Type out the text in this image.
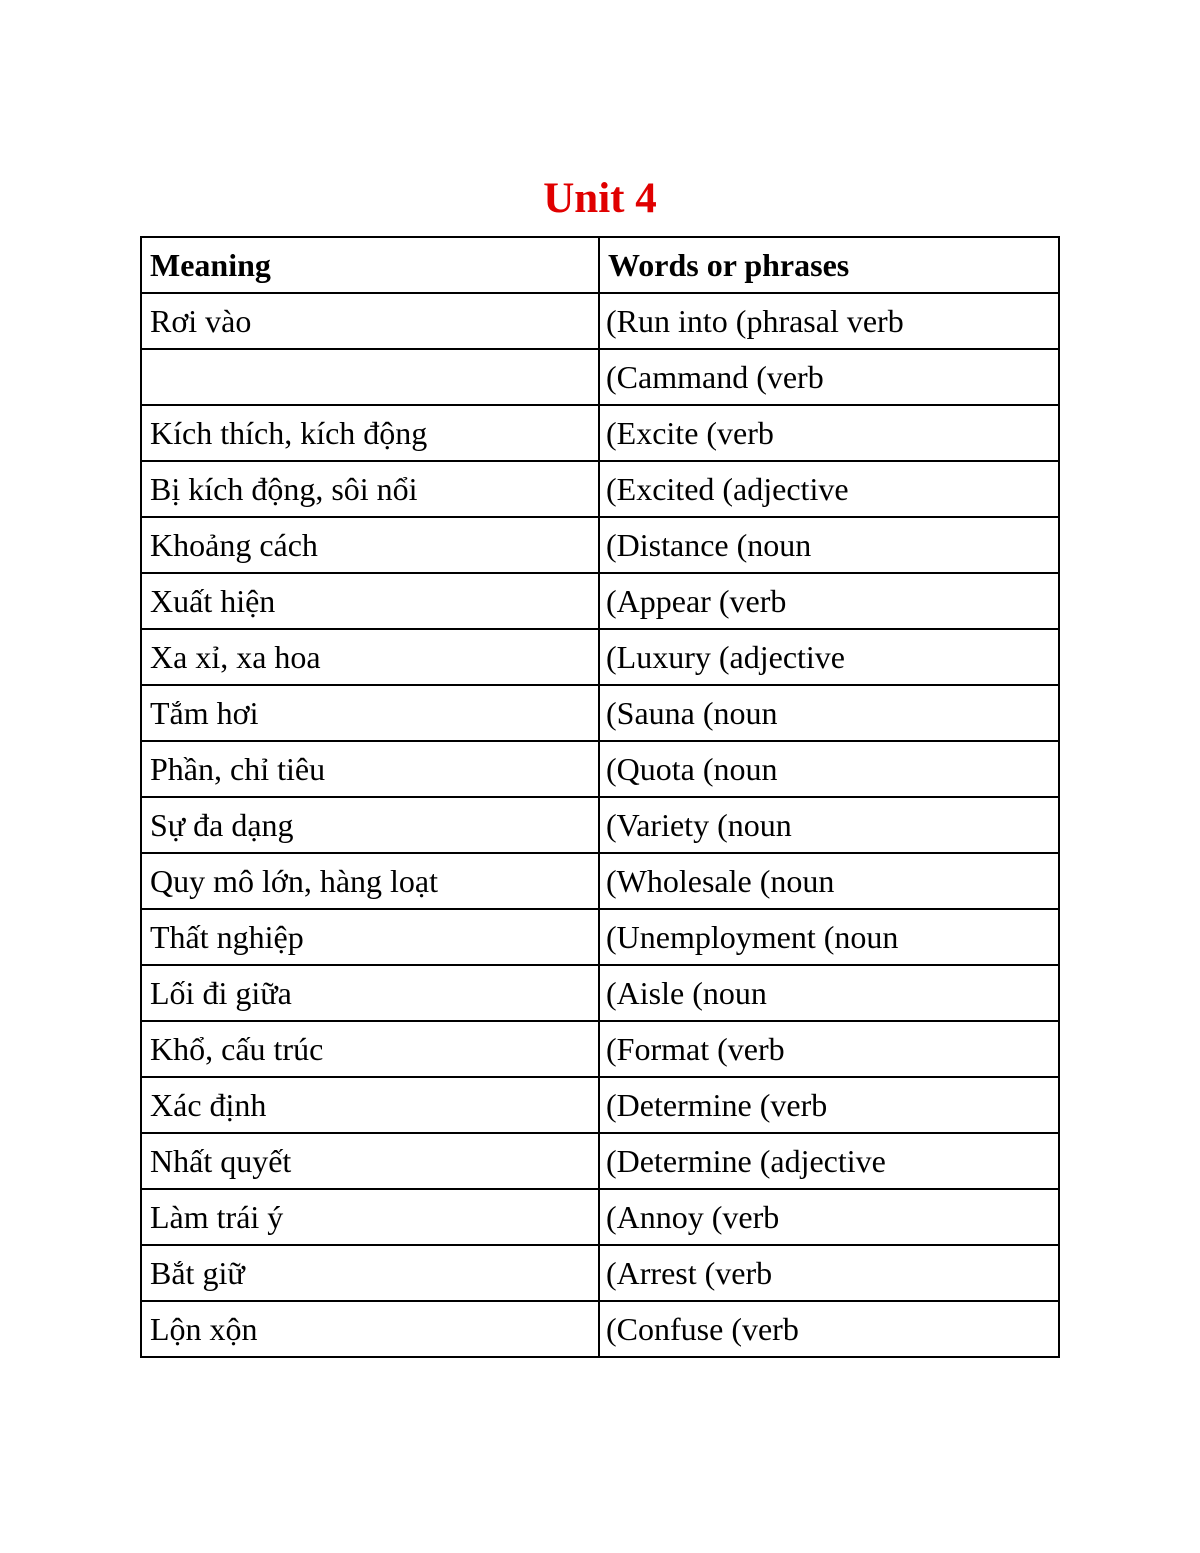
Unit 4
Meaning	Words or phrases
Rơi vào	(Run into (phrasal verb
	(Cammand (verb
Kích thích, kích động	(Excite (verb
Bị kích động, sôi nổi	(Excited (adjective
Khoảng cách	(Distance (noun
Xuất hiện	(Appear (verb
Xa xỉ, xa hoa	(Luxury (adjective
Tắm hơi	(Sauna (noun
Phần, chỉ tiêu	(Quota (noun
Sự đa dạng	(Variety (noun
Quy mô lớn, hàng loạt	(Wholesale (noun
Thất nghiệp	(Unemployment (noun
Lối đi giữa	(Aisle (noun
Khổ, cấu trúc	(Format (verb
Xác định	(Determine (verb
Nhất quyết	(Determine (adjective
Làm trái ý	(Annoy (verb
Bắt giữ	(Arrest (verb
Lộn xộn	(Confuse (verb
